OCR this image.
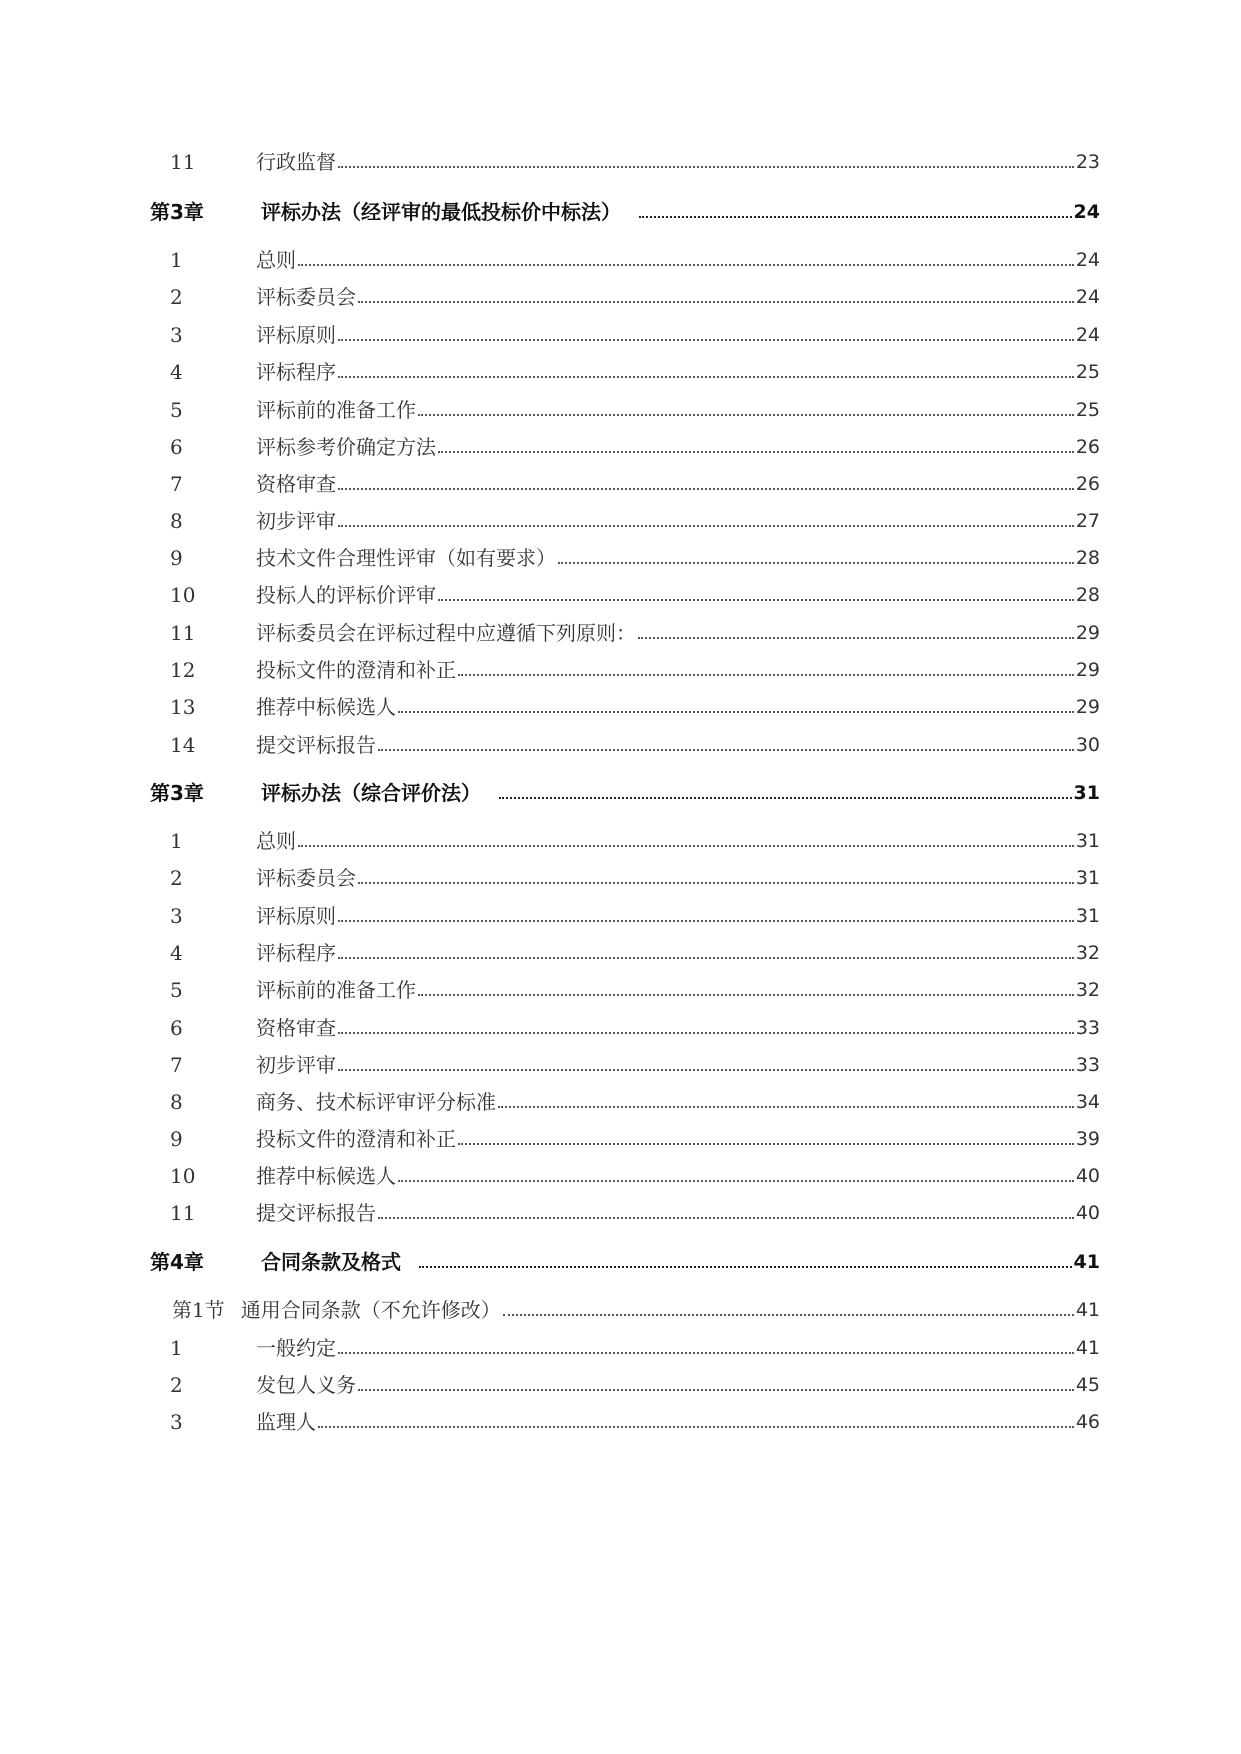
11	行政监督	23
第3章	评标办法（经评审的最低投标价中标法）	24
1	总则	24
2	评标委员会	24
3	评标原则	24
4	评标程序	25
5	评标前的准备工作	25
6	评标参考价确定方法	26
7	资格审查	26
8	初步评审	27
9	技术文件合理性评审（如有要求）	28
10	投标人的评标价评审	28
11	评标委员会在评标过程中应遵循下列原则：	29
12	投标文件的澄清和补正	29
13	推荐中标候选人	29
14	提交评标报告	30
第3章	评标办法（综合评价法）	31
1	总则	31
2	评标委员会	31
3	评标原则	31
4	评标程序	32
5	评标前的准备工作	32
6	资格审查	33
7	初步评审	33
8	商务、技术标评审评分标准	34
9	投标文件的澄清和补正	39
10	推荐中标候选人	40
11	提交评标报告	40
第4章	合同条款及格式	41
第1节 通用合同条款（不允许修改）	41
1	一般约定	41
2	发包人义务	45
3	监理人	46
